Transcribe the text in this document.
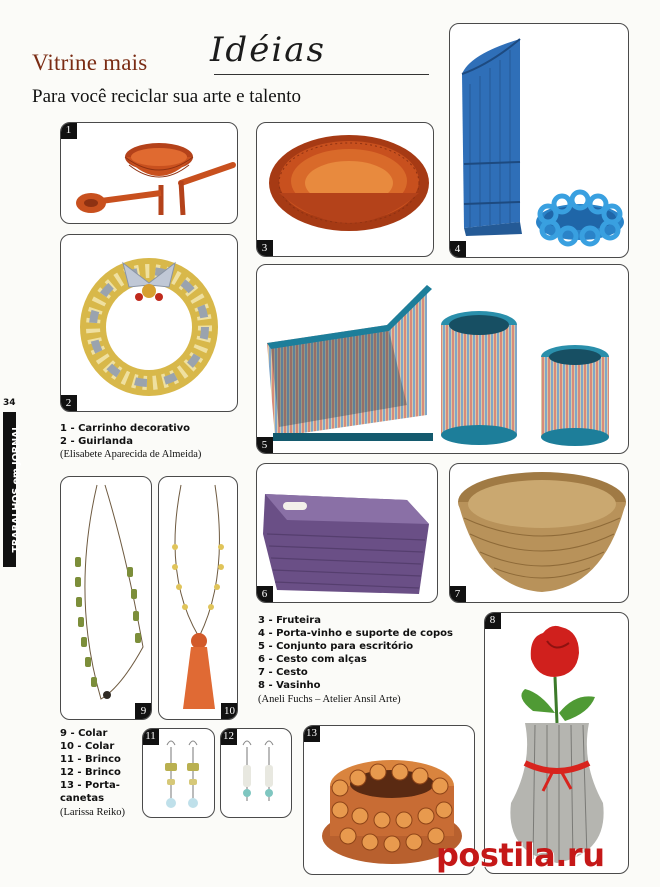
Vitrine mais Idéias
Para você reciclar sua arte e talento
34
TRABALHOS em JORNAL
1
3	4
2
5
1 - Carrinho decorativo
2 - Guirlanda
(Elisabete Aparecida de Almeida)
6	7
9	10
3 - Fruteira
4 - Porta-vinho e suporte de copos
5 - Conjunto para escritório
6 - Cesto com alças
7 - Cesto
8 - Vasinho
(Aneli Fuchs – Atelier Ansil Arte)
8
9 - Colar
10 - Colar
11 - Brinco
12 - Brinco
13 - Porta-
canetas
(Larissa Reiko)
11	12	13
postila.ru
